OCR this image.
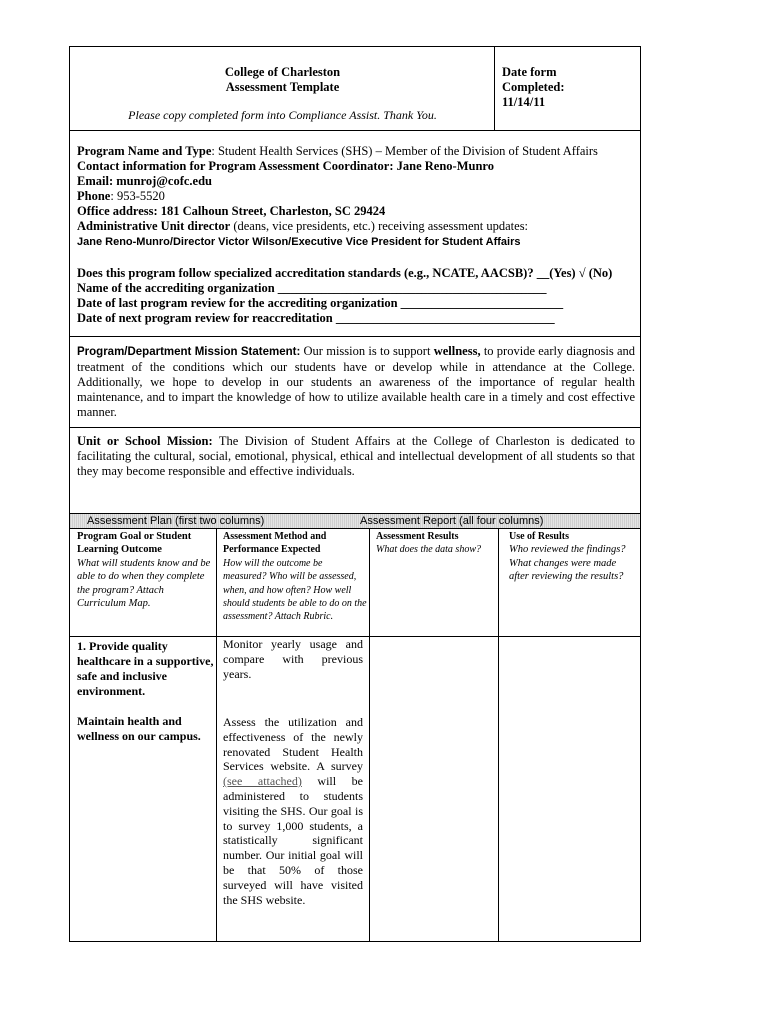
College of Charleston
Assessment Template
Please copy completed form into Compliance Assist. Thank You.
Date form
Completed:
11/14/11
Program Name and Type: Student Health Services (SHS) – Member of the Division of Student Affairs
Contact information for Program Assessment Coordinator: Jane Reno-Munro
Email: munroj@cofc.edu
Phone: 953-5520
Office address: 181 Calhoun Street, Charleston, SC 29424
Administrative Unit director (deans, vice presidents, etc.) receiving assessment updates:
Jane Reno-Munro/Director Victor Wilson/Executive Vice President for Student Affairs
Does this program follow specialized accreditation standards (e.g., NCATE, AACSB)? __(Yes) √ (No)
Name of the accrediting organization ___________________________________________
Date of last program review for the accrediting organization __________________________
Date of next program review for reaccreditation ___________________________________
Program/Department Mission Statement: Our mission is to support wellness, to provide early diagnosis and treatment of the conditions which our students have or develop while in attendance at the College. Additionally, we hope to develop in our students an awareness of the importance of regular health maintenance, and to impart the knowledge of how to utilize available health care in a timely and cost effective manner.
Unit or School Mission: The Division of Student Affairs at the College of Charleston is dedicated to facilitating the cultural, social, emotional, physical, ethical and intellectual development of all students so that they may become responsible and effective individuals.
Assessment Plan (first two columns)	Assessment Report (all four columns)
Program Goal or Student Learning Outcome
What will students know and be able to do when they complete the program? Attach Curriculum Map.
Assessment Method and Performance Expected
How will the outcome be measured? Who will be assessed, when, and how often? How well should students be able to do on the assessment? Attach Rubric.
Assessment Results
What does the data show?
Use of Results
Who reviewed the findings? What changes were made after reviewing the results?
1. Provide quality healthcare in a supportive, safe and inclusive environment.
Maintain health and wellness on our campus.
Monitor yearly usage and compare with previous years.
Assess the utilization and effectiveness of the newly renovated Student Health Services website. A survey (see attached) will be administered to students visiting the SHS. Our goal is to survey 1,000 students, a statistically significant number. Our initial goal will be that 50% of those surveyed will have visited the SHS website.
